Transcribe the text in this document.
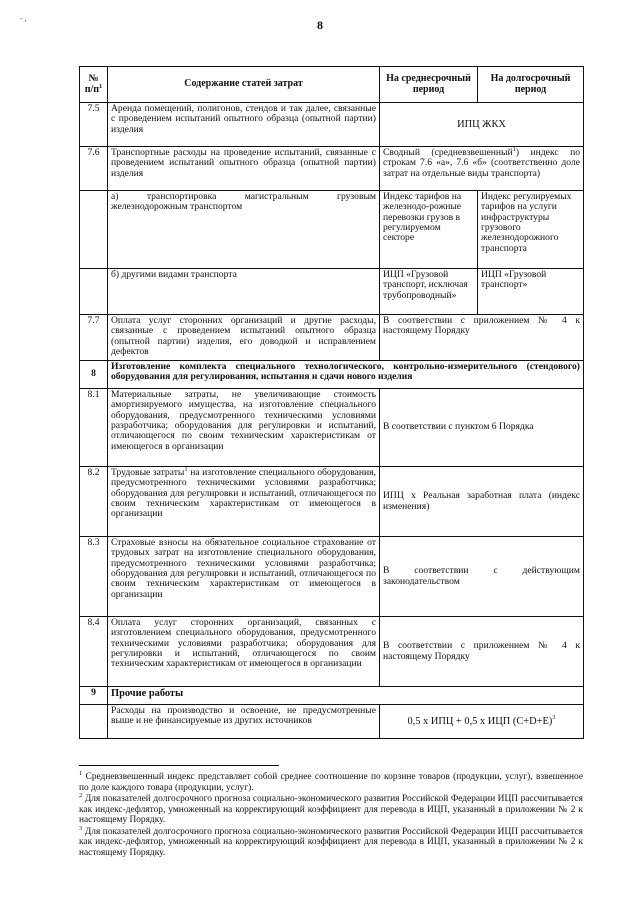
- ,	8
№ $п/п^1$	Содержание статей затрат	На среднесрочный период	На долгосрочный период
7.5	Аренда помещений, полигонов, стендов и так далее, связанные с проведением испытаний опытного образца (опытной партии) изделия	ИПЦ ЖКХ	
7.6	Транспортные расходы на проведение испытаний, связанные с проведением испытаний опытного образца (опытной партии) изделия	Сводный (средневзвешенный$^1$) индекс по строкам 7.6 «а», 7.6 «б» (соответственно доле затрат на отдельные виды транспорта)	
	а) транспортировка магистральным грузовым железнодорожным транспортом	Индекс тарифов на железнодо-рожные перевозки грузов в регулируемом секторе	Индекс регулируемых тарифов на услуги инфраструктуры грузового железнодорожного транспорта
	б) другими видами транспорта	ИЦП «Грузовой транспорт, исключая трубопроводный»	ИЦП «Грузовой транспорт»
7.7	Оплата услуг сторонних организаций и другие расходы, связанные с проведением испытаний опытного образца (опытной партии) изделия, его доводкой и исправлением дефектов	В соответствии с приложением № 4 к настоящему Порядку	
8	Изготовление комплекта специального технологического, контрольно-измерительного (стендового) оборудования для регулирования, испытания и сдачи нового изделия		
8.1	Материальные затраты, не увеличивающие стоимость амортизируемого имущества, на изготовление специального оборудования, предусмотренного техническими условиями разработчика; оборудования для регулировки и испытаний, отличающегося по своим техническим характеристикам от имеющегося в организации	В соответствии с пунктом 6 Порядка	
8.2	Трудовые затраты$^1$ на изготовление специального оборудования, предусмотренного техническими условиями разработчика; оборудования для регулировки и испытаний, отличающегося по своим техническим характеристикам от имеющегося в организации	ИПЦ х Реальная заработная плата (индекс изменения)	
8.3	Страховые взносы на обязательное социальное страхование от трудовых затрат на изготовление специального оборудования, предусмотренного техническими условиями разработчика; оборудования для регулировки и испытаний, отличающегося по своим техническим характеристикам от имеющегося в организации	В соответствии с действующим законодательством	
8.4	Оплата услуг сторонних организаций, связанных с изготовлением специального оборудования, предусмотренного техническими условиями разработчика; оборудования для регулировки и испытаний, отличающегося по своим техническим характеристикам от имеющегося в организации	В соответствии с приложением № 4 к настоящему Порядку	
9	Прочие работы		
	Расходы на производство и освоение, не предусмотренные выше и не финансируемые из других источников	0,5 x ИПЦ + 0,5 x ИЦП $(С+D+E)^3$

$^1$ Средневзвешенный индекс представляет собой среднее соотношение по корзине товаров (продукции, услуг), взвешенное по доле каждого товара (продукции, услуг).

$^2$ Для показателей долгосрочного прогноза социально-экономического развития Российской Федерации ИЦП рассчитывается как индекс-дефлятор, умноженный на корректирующий коэффициент для перевода в ИЦП, указанный в приложении № 2 к настоящему Порядку.

$^3$ Для показателей долгосрочного прогноза социально-экономического развития Российской Федерации ИЦП рассчитывается как индекс-дефлятор, умноженный на корректирующий коэффициент для перевода в ИЦП, указанный в приложении № 2 к настоящему Порядку.
